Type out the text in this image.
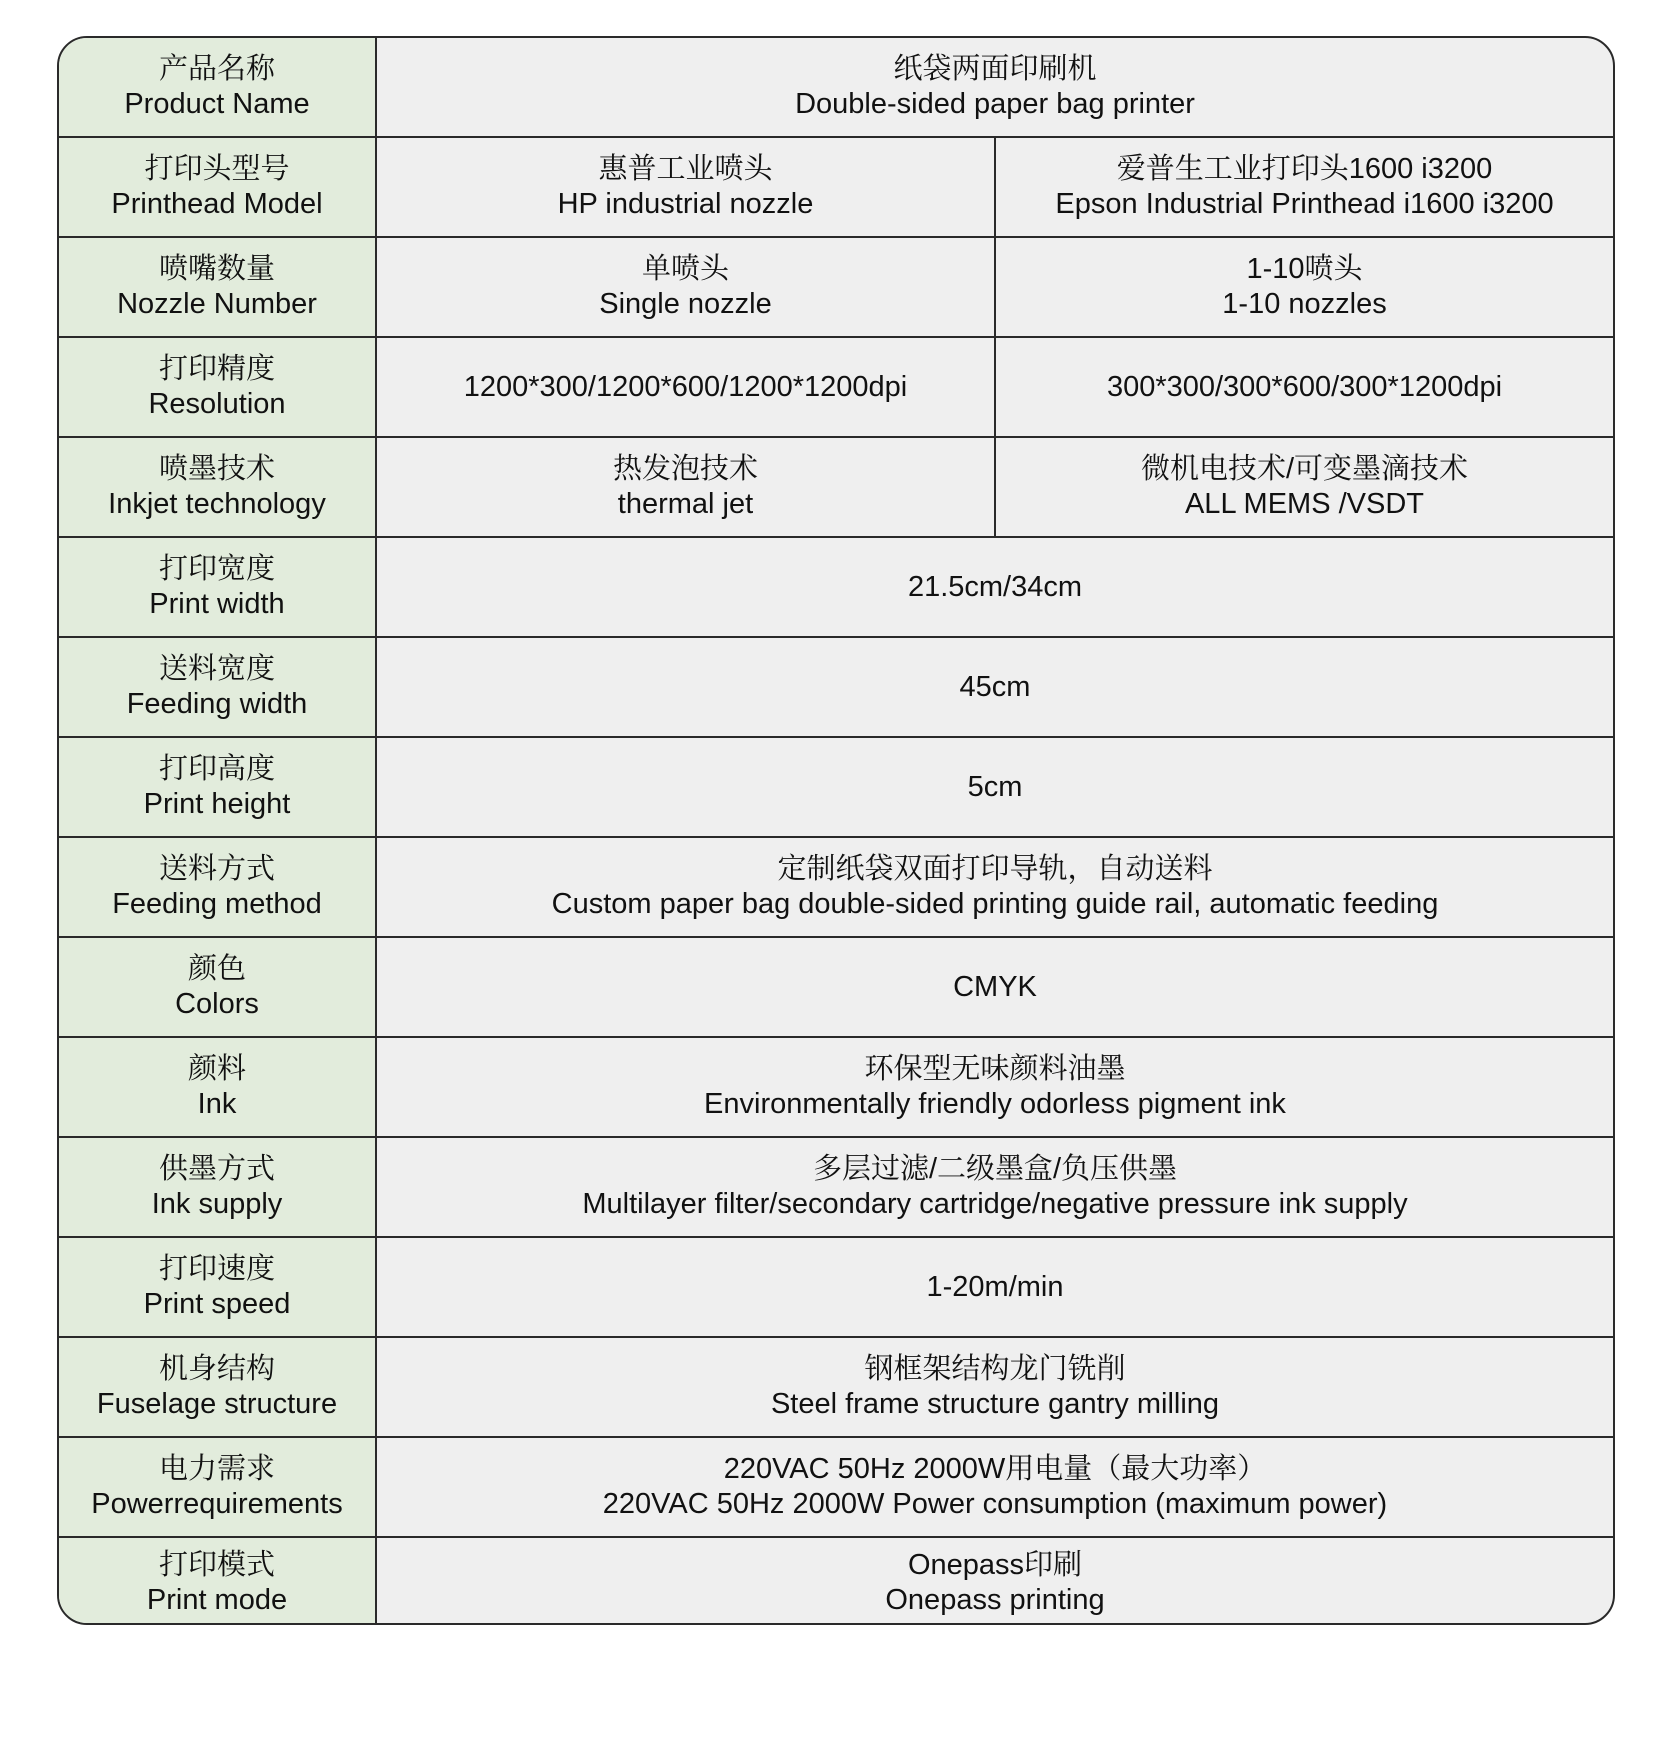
产品名称
Product Name
纸袋两面印刷机
Double-sided paper bag printer
打印头型号
Printhead Model
惠普工业喷头
HP industrial nozzle
爱普生工业打印头1600 i3200
Epson Industrial Printhead i1600 i3200
喷嘴数量
Nozzle Number
单喷头
Single nozzle
1-10喷头
1-10 nozzles
打印精度
Resolution
1200*300/1200*600/1200*1200dpi	300*300/300*600/300*1200dpi
喷墨技术
Inkjet technology
热发泡技术
thermal jet
微机电技术/可变墨滴技术
ALL MEMS /VSDT
打印宽度
Print width
21.5cm/34cm
送料宽度
Feeding width
45cm
打印高度
Print height
5cm
送料方式
Feeding method
定制纸袋双面打印导轨，自动送料
Custom paper bag double-sided printing guide rail, automatic feeding
颜色
Colors
CMYK
颜料
Ink
环保型无味颜料油墨
Environmentally friendly odorless pigment ink
供墨方式
Ink supply
多层过滤/二级墨盒/负压供墨
Multilayer filter/secondary cartridge/negative pressure ink supply
打印速度
Print speed
1-20m/min
机身结构
Fuselage structure
钢框架结构龙门铣削
Steel frame structure gantry milling
电力需求
Powerrequirements
220VAC 50Hz 2000W用电量（最大功率）
220VAC 50Hz 2000W Power consumption (maximum power)
打印模式
Print mode
Onepass印刷
Onepass printing
